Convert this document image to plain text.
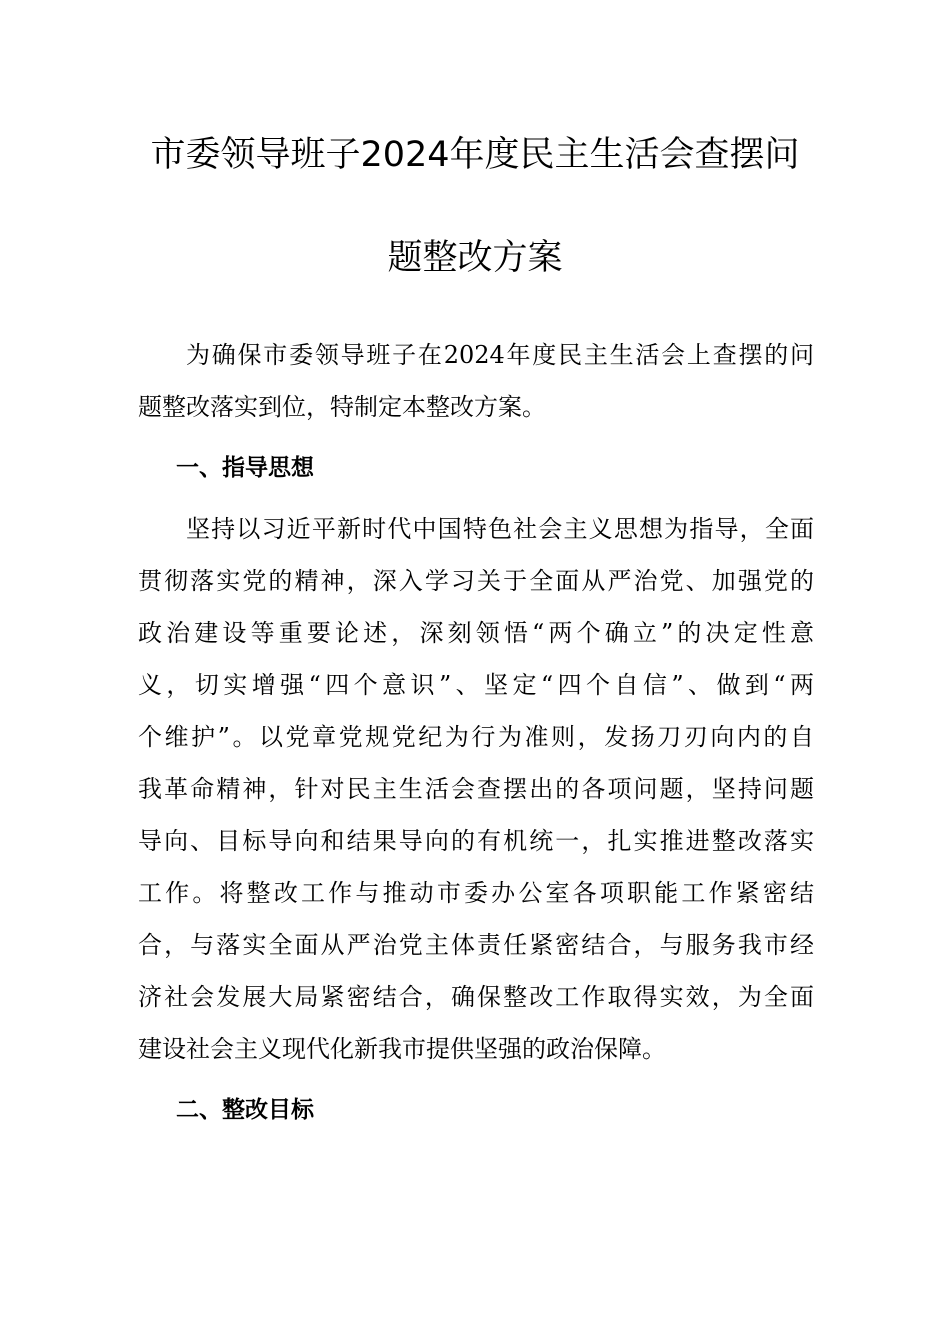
市委领导班子2024年度民主生活会查摆问
题整改方案
为确保市委领导班子在2024年度民主生活会上查摆的问
题整改落实到位，特制定本整改方案。
一、指导思想
坚持以习近平新时代中国特色社会主义思想为指导，全面
贯彻落实党的精神，深入学习关于全面从严治党、加强党的
政治建设等重要论述，深刻领悟“两个确立”的决定性意
义，切实增强“四个意识”、坚定“四个自信”、做到“两
个维护”。以党章党规党纪为行为准则，发扬刀刃向内的自
我革命精神，针对民主生活会查摆出的各项问题，坚持问题
导向、目标导向和结果导向的有机统一，扎实推进整改落实
工作。将整改工作与推动市委办公室各项职能工作紧密结
合，与落实全面从严治党主体责任紧密结合，与服务我市经
济社会发展大局紧密结合，确保整改工作取得实效，为全面
建设社会主义现代化新我市提供坚强的政治保障。
二、整改目标
